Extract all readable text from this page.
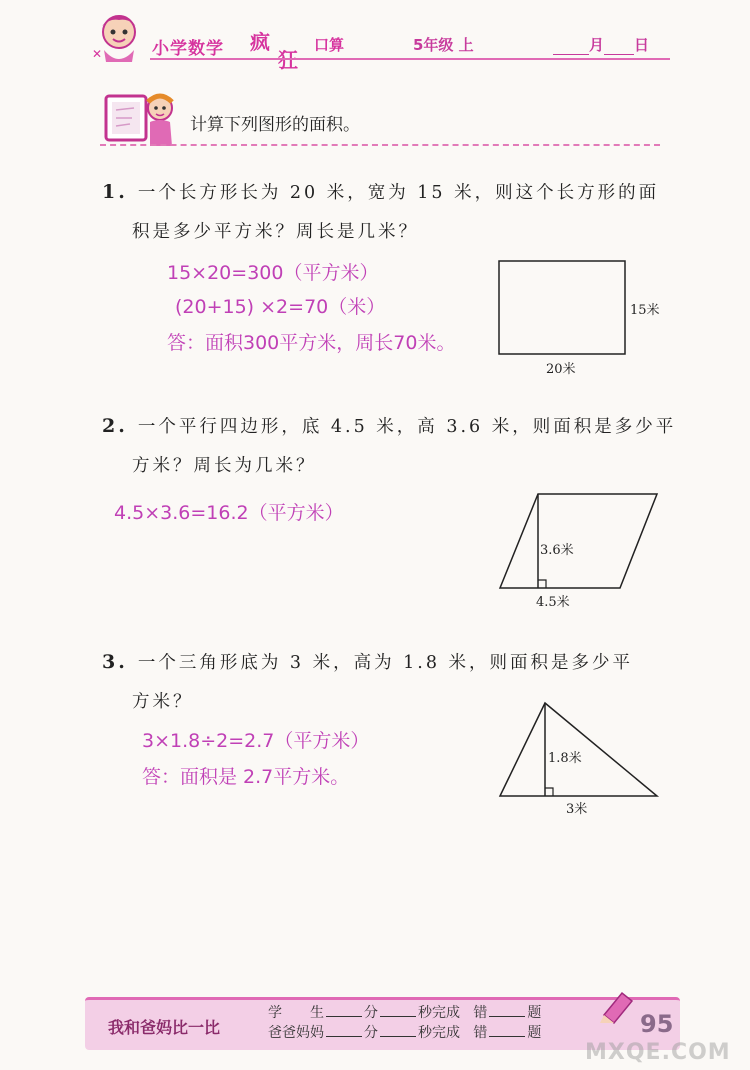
✕	小学数学 疯
狂
口算	5年级 上	月 日
计算下列图形的面积。
1. 一个长方形长为 20 米，宽为 15 米，则这个长方形的面
积是多少平方米？周长是几米？
15×20=300（平方米）
(20+15) ×2=70（米）
答：面积300平方米，周长70米。
15米
20米
2. 一个平行四边形，底 4.5 米，高 3.6 米，则面积是多少平
方米？周长为几米？
4.5×3.6=16.2（平方米）
3.6米
4.5米
3. 一个三角形底为 3 米，高为 1.8 米，则面积是多少平
方米？
3×1.8÷2=2.7（平方米）
答：面积是 2.7平方米。
1.8米
3米
我和爸妈比一比
学　　生	分	秒完成 错	题
爸爸妈妈	分	秒完成 错	题	95
MXQE.COM
